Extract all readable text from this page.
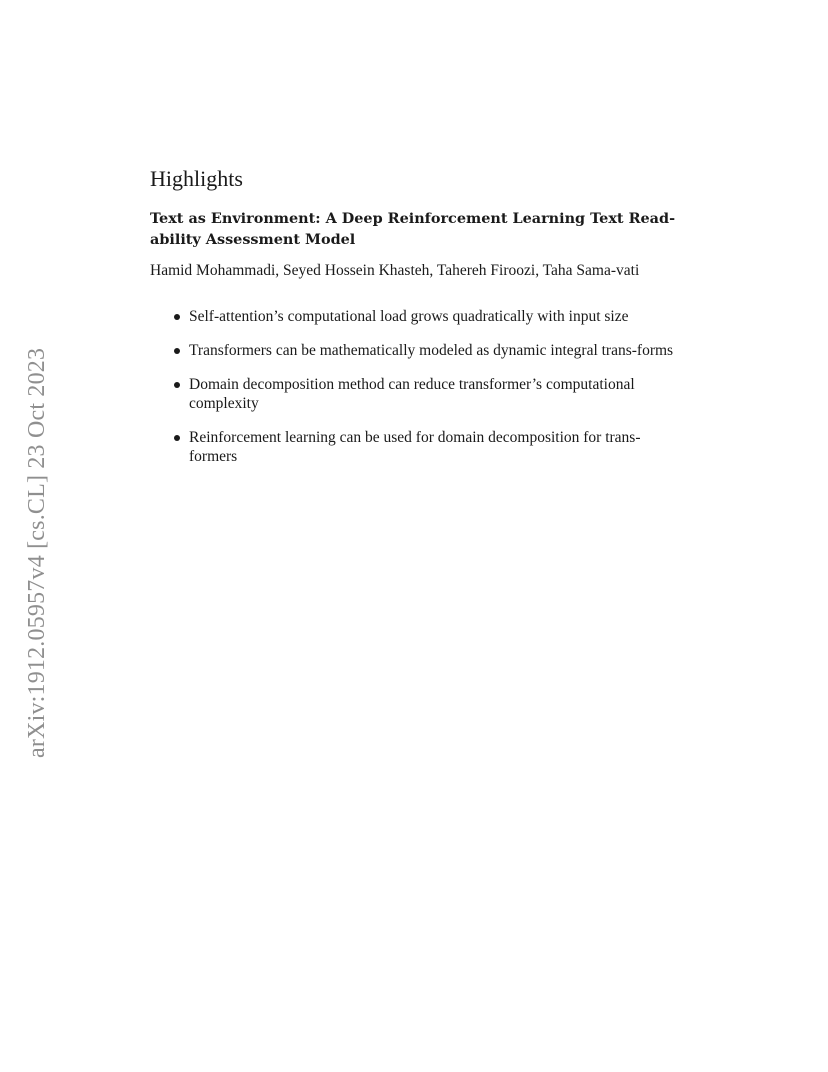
arXiv:1912.05957v4 [cs.CL] 23 Oct 2023
Highlights
Text as Environment: A Deep Reinforcement Learning Text Read-ability Assessment Model
Hamid Mohammadi, Seyed Hossein Khasteh, Tahereh Firoozi, Taha Sama-vati
Self-attention’s computational load grows quadratically with input size
Transformers can be mathematically modeled as dynamic integral trans-forms
Domain decomposition method can reduce transformer’s computational complexity
Reinforcement learning can be used for domain decomposition for trans-formers
